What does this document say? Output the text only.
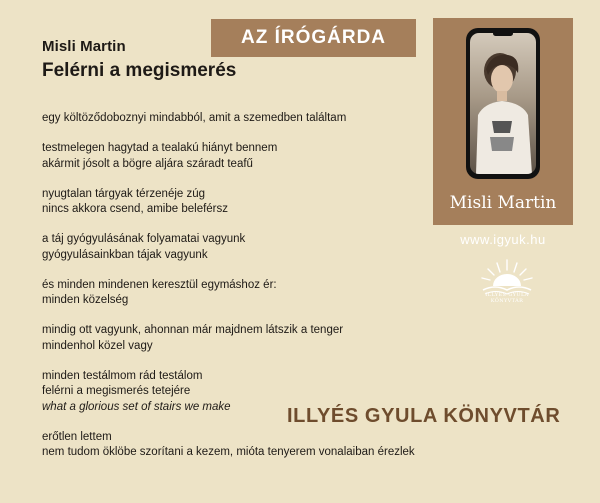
Misli Martin
Felérni a megismerés
AZ ÍRÓGÁRDA
egy költöződoboznyi mindabból, amit a szemedben találtam
testmelegen hagytad a tealakú hiányt bennem
akármit jósolt a bögre aljára száradt teafű
nyugtalan tárgyak térzenéje zúg
nincs akkora csend, amibe beleférsz
a táj gyógyulásának folyamatai vagyunk
gyógyulásainkban tájak vagyunk
és minden mindenen keresztül egymáshoz ér:
minden közelség
mindig ott vagyunk, ahonnan már majdnem látszik a tenger
mindenhol közel vagy
minden testálmom rád testálom
felérni a megismerés tetejére
what a glorious set of stairs we make
erőtlen lettem
nem tudom öklöbe szorítani a kezem, mióta tenyerem vonalaiban érezlek
Misli Martin
www.igyuk.hu
ILLYÉS GYULA
KÖNYVTÁR
ILLYÉS GYULA KÖNYVTÁR
